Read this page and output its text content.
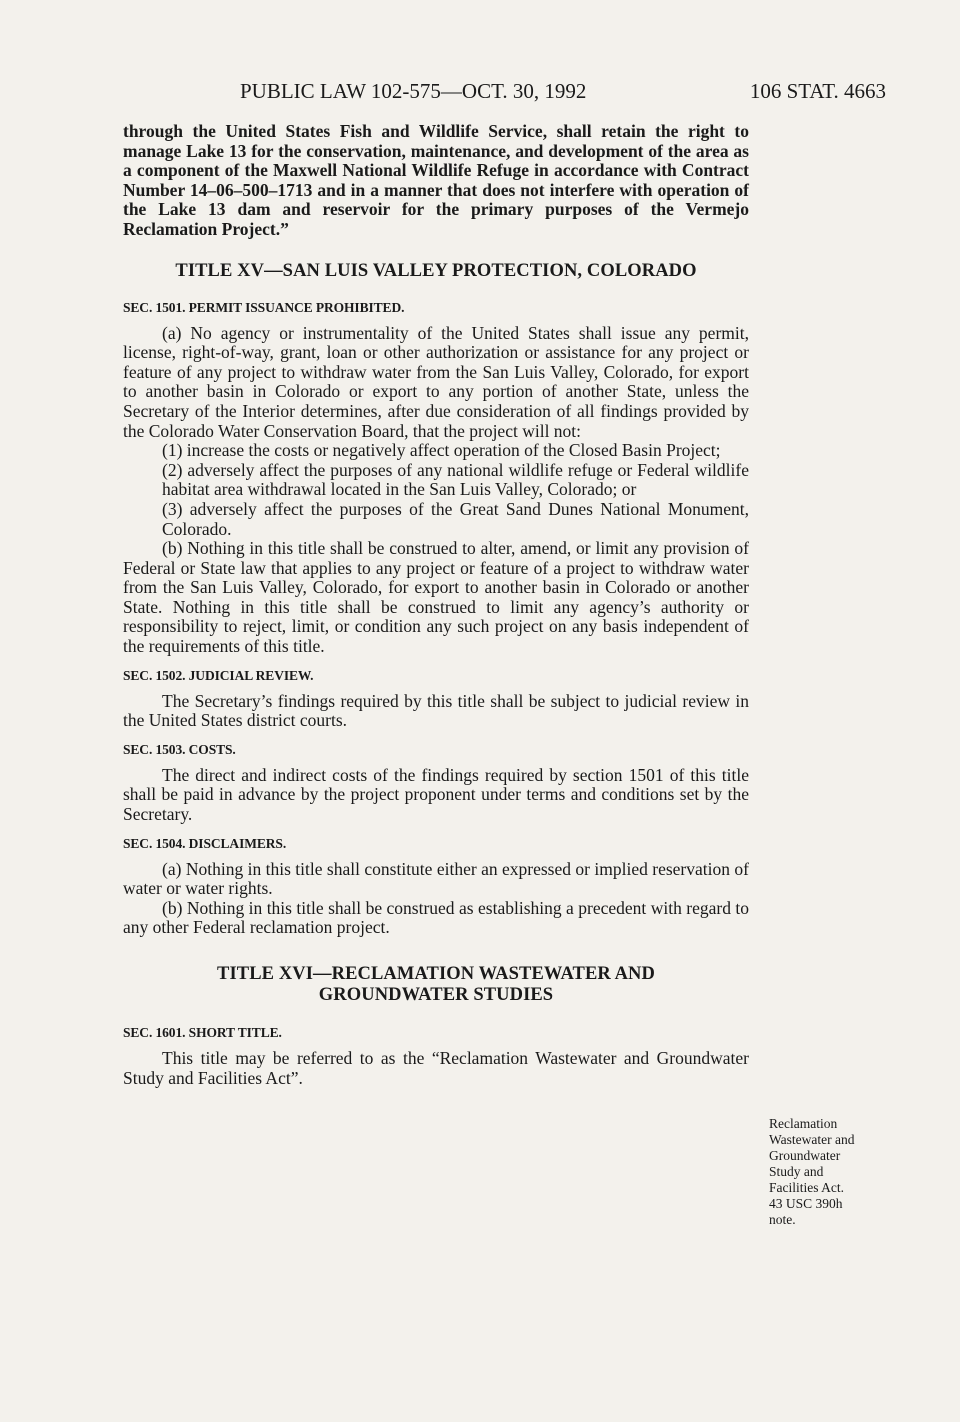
PUBLIC LAW 102-575—OCT. 30, 1992	106 STAT. 4663

through the United States Fish and Wildlife Service, shall retain the right to manage Lake 13 for the conservation, maintenance, and development of the area as a component of the Maxwell National Wildlife Refuge in accordance with Contract Number 14–06–500–1713 and in a manner that does not interfere with operation of the Lake 13 dam and reservoir for the primary purposes of the Vermejo Reclamation Project.”

TITLE XV—SAN LUIS VALLEY PROTECTION, COLORADO
SEC. 1501. PERMIT ISSUANCE PROHIBITED.

(a) No agency or instrumentality of the United States shall issue any permit, license, right-of-way, grant, loan or other authorization or assistance for any project or feature of any project to withdraw water from the San Luis Valley, Colorado, for export to another basin in Colorado or export to any portion of another State, unless the Secretary of the Interior determines, after due consideration of all findings provided by the Colorado Water Conservation Board, that the project will not:

(1) increase the costs or negatively affect operation of the Closed Basin Project;

(2) adversely affect the purposes of any national wildlife refuge or Federal wildlife habitat area withdrawal located in the San Luis Valley, Colorado; or

(3) adversely affect the purposes of the Great Sand Dunes National Monument, Colorado.

(b) Nothing in this title shall be construed to alter, amend, or limit any provision of Federal or State law that applies to any project or feature of a project to withdraw water from the San Luis Valley, Colorado, for export to another basin in Colorado or another State. Nothing in this title shall be construed to limit any agency’s authority or responsibility to reject, limit, or condition any such project on any basis independent of the requirements of this title.

SEC. 1502. JUDICIAL REVIEW.

The Secretary’s findings required by this title shall be subject to judicial review in the United States district courts.

SEC. 1503. COSTS.

The direct and indirect costs of the findings required by section 1501 of this title shall be paid in advance by the project proponent under terms and conditions set by the Secretary.

SEC. 1504. DISCLAIMERS.

(a) Nothing in this title shall constitute either an expressed or implied reservation of water or water rights.

(b) Nothing in this title shall be construed as establishing a precedent with regard to any other Federal reclamation project.

TITLE XVI—RECLAMATION WASTEWATER AND
GROUNDWATER STUDIES
SEC. 1601. SHORT TITLE.

This title may be referred to as the “Reclamation Wastewater and Groundwater Study and Facilities Act”.

Reclamation
Wastewater and
Groundwater
Study and
Facilities Act.
43 USC 390h
note.
